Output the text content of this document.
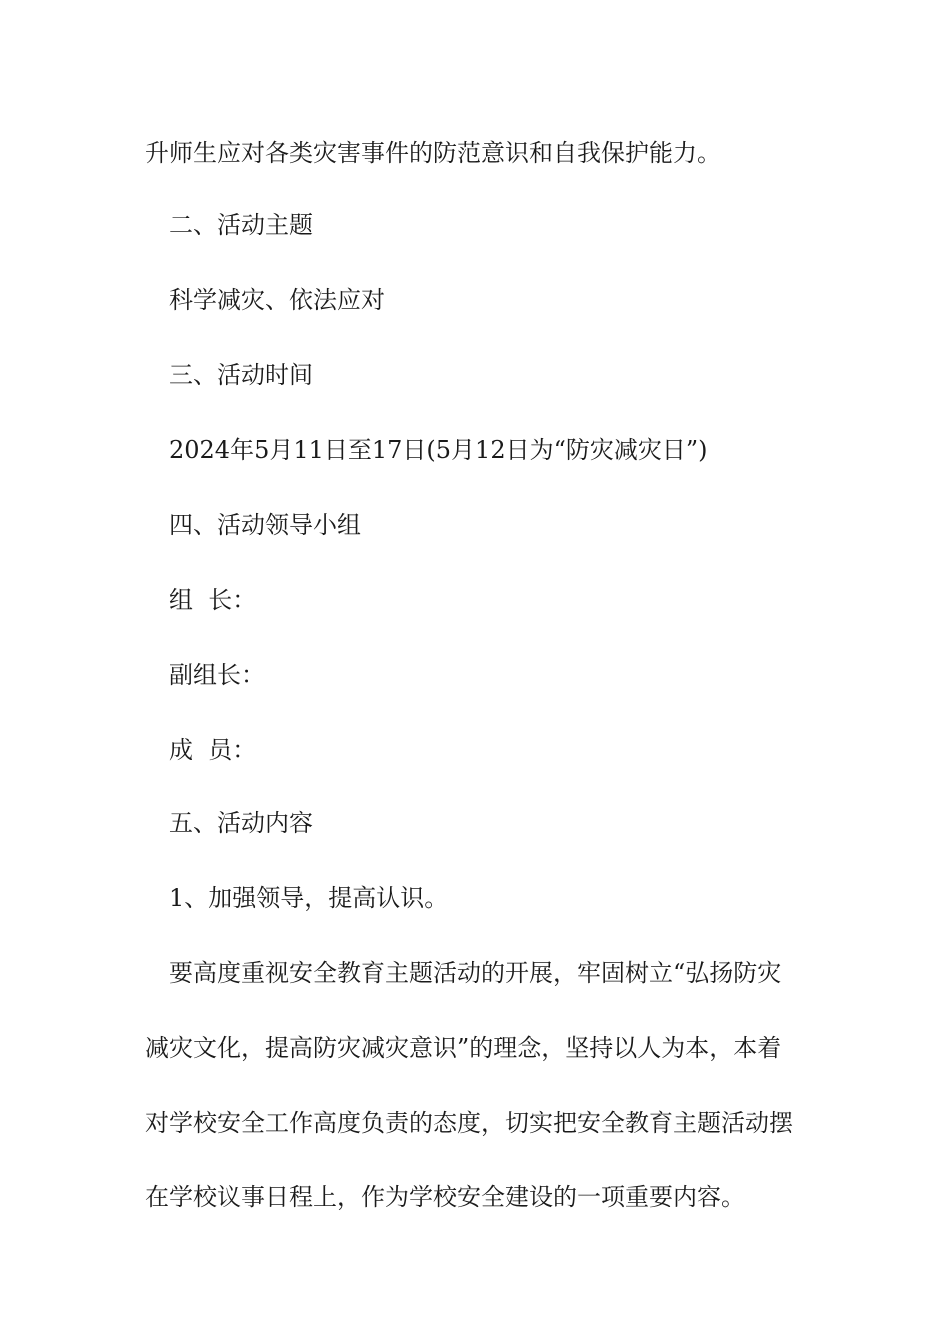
升师生应对各类灾害事件的防范意识和自我保护能力。
二、活动主题
科学减灾、依法应对
三、活动时间
2024年5月11日至17日(5月12日为“防灾减灾日”)
四、活动领导小组
组  长：
副组长：
成  员：
五、活动内容
1、加强领导，提高认识。
要高度重视安全教育主题活动的开展，牢固树立“弘扬防灾
减灾文化，提高防灾减灾意识”的理念，坚持以人为本，本着
对学校安全工作高度负责的态度，切实把安全教育主题活动摆
在学校议事日程上，作为学校安全建设的一项重要内容。
